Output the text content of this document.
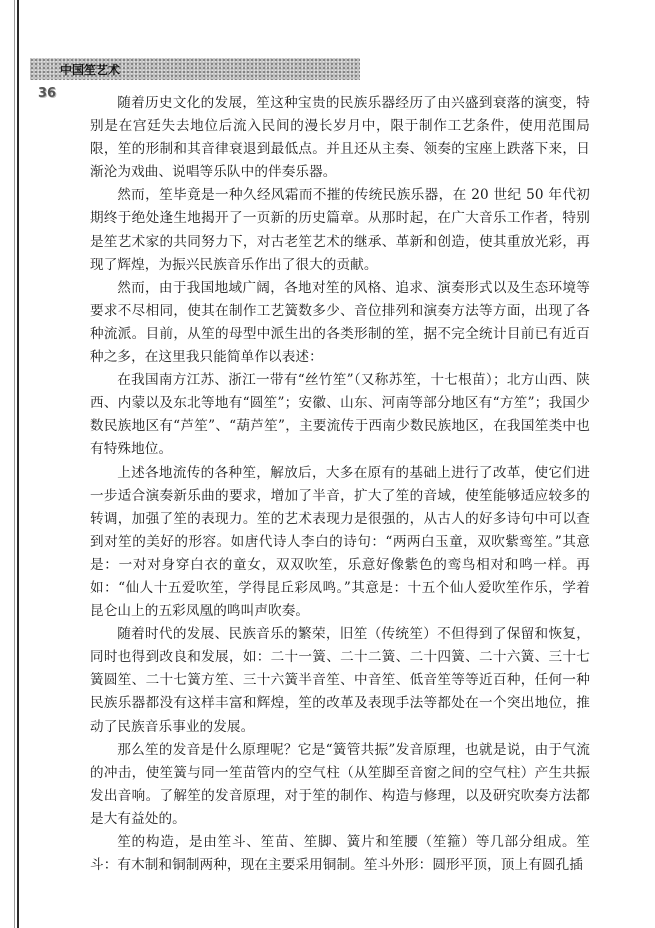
中国笙艺术
36

随着历史文化的发展，笙这种宝贵的民族乐器经历了由兴盛到衰落的演变，特别是在宫廷失去地位后流入民间的漫长岁月中，限于制作工艺条件，使用范围局限，笙的形制和其音律衰退到最低点。并且还从主奏、领奏的宝座上跌落下来，日渐沦为戏曲、说唱等乐队中的伴奏乐器。

然而，笙毕竟是一种久经风霜而不摧的传统民族乐器，在 20 世纪 50 年代初期终于绝处逢生地揭开了一页新的历史篇章。从那时起，在广大音乐工作者，特别是笙艺术家的共同努力下，对古老笙艺术的继承、革新和创造，使其重放光彩，再现了辉煌，为振兴民族音乐作出了很大的贡献。

然而，由于我国地域广阔，各地对笙的风格、追求、演奏形式以及生态环境等要求不尽相同，使其在制作工艺簧数多少、音位排列和演奏方法等方面，出现了各种流派。目前，从笙的母型中派生出的各类形制的笙，据不完全统计目前已有近百种之多，在这里我只能简单作以表述：

在我国南方江苏、浙江一带有“丝竹笙”（又称苏笙，十七根苗）；北方山西、陕西、内蒙以及东北等地有“圆笙”；安徽、山东、河南等部分地区有“方笙”；我国少数民族地区有“芦笙”、“葫芦笙”，主要流传于西南少数民族地区，在我国笙类中也有特殊地位。

上述各地流传的各种笙，解放后，大多在原有的基础上进行了改革，使它们进一步适合演奏新乐曲的要求，增加了半音，扩大了笙的音域，使笙能够适应较多的转调，加强了笙的表现力。笙的艺术表现力是很强的，从古人的好多诗句中可以查到对笙的美好的形容。如唐代诗人李白的诗句：“两两白玉童，双吹紫鸾笙。”其意是：一对对身穿白衣的童女，双双吹笙，乐意好像紫色的鸾鸟相对和鸣一样。再如：“仙人十五爱吹笙，学得昆丘彩凤鸣。”其意是：十五个仙人爱吹笙作乐，学着昆仑山上的五彩凤凰的鸣叫声吹奏。

随着时代的发展、民族音乐的繁荣，旧笙（传统笙）不但得到了保留和恢复，同时也得到改良和发展，如：二十一簧、二十二簧、二十四簧、二十六簧、三十七簧圆笙、二十七簧方笙、三十六簧半音笙、中音笙、低音笙等等近百种，任何一种民族乐器都没有这样丰富和辉煌，笙的改革及表现手法等都处在一个突出地位，推动了民族音乐事业的发展。

那么笙的发音是什么原理呢？它是“簧管共振”发音原理，也就是说，由于气流的冲击，使笙簧与同一笙苗管内的空气柱（从笙脚至音窗之间的空气柱）产生共振发出音响。了解笙的发音原理，对于笙的制作、构造与修理，以及研究吹奏方法都是大有益处的。

笙的构造，是由笙斗、笙苗、笙脚、簧片和笙腰（笙箍）等几部分组成。笙斗：有木制和铜制两种，现在主要采用铜制。笙斗外形：圆形平顶，顶上有圆孔插
